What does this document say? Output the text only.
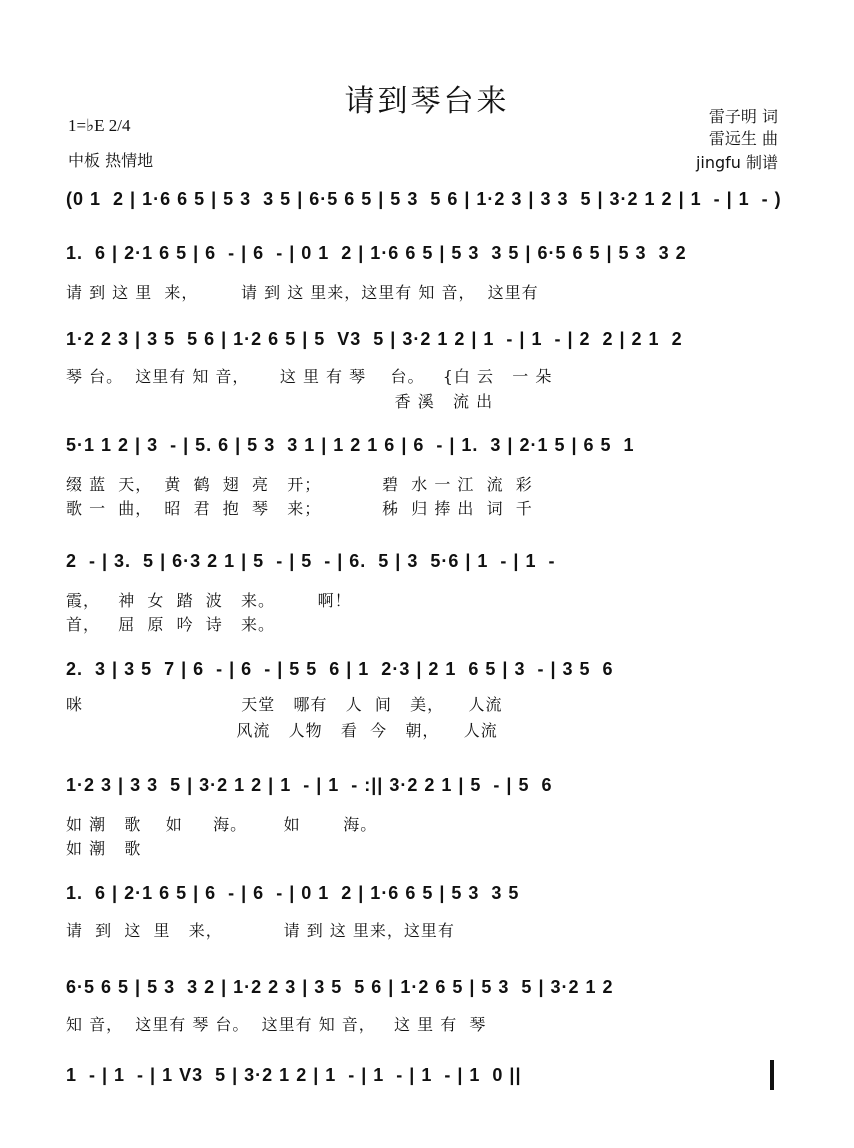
请到琴台来	雷子明 词
雷远生 曲
jingfu 制谱
1=♭E 2/4
中板 热情地
(0 1  2 | 1·6 6 5 | 5 3  3 5 | 6·5 6 5 | 5 3  5 6 | 1·2 3 | 3 3  5 | 3·2 1 2 | 1  - | 1  - )
1.  6 | 2·1 6 5 | 6  - | 6  - | 0 1  2 | 1·6 6 5 | 5 3  3 5 | 6·5 6 5 | 5 3  3 2
请 到 这 里  来，       请 到 这 里来，这里有 知 音，  这里有
1·2 2 3 | 3 5  5 6 | 1·2 6 5 | 5  V3  5 | 3·2 1 2 | 1  - | 1  - | 2  2 | 2 1  2
琴 台。  这里有 知 音，     这 里 有 琴    台。   {白 云   一 朵
香 溪   流 出
5·1 1 2 | 3  - | 5. 6 | 5 3  3 1 | 1 2 1 6 | 6  - | 1.  3 | 2·1 5 | 6 5  1
缀 蓝  天，  黄  鹤  翅  亮   开；          碧  水 一 江  流  彩
歌 一  曲，  昭  君  抱  琴   来；          秭  归 捧 出  词  千
2  - | 3.  5 | 6·3 2 1 | 5  - | 5  - | 6.  5 | 3  5·6 | 1  - | 1  -
霞，   神  女  踏  波   来。       啊！
首，   屈  原  吟  诗   来。
2.  3 | 3 5  7 | 6  - | 6  - | 5 5  6 | 1  2·3 | 2 1  6 5 | 3  - | 3 5  6
咪                          天堂   哪有   人  间   美，    人流
风流   人物   看  今   朝，    人流
1·2 3 | 3 3  5 | 3·2 1 2 | 1  - | 1  - :|| 3·2 2 1 | 5  - | 5  6
如 潮   歌    如     海。      如       海。
如 潮   歌
1.  6 | 2·1 6 5 | 6  - | 6  - | 0 1  2 | 1·6 6 5 | 5 3  3 5
请  到  这  里   来，          请 到 这 里来，这里有
6·5 6 5 | 5 3  3 2 | 1·2 2 3 | 3 5  5 6 | 1·2 6 5 | 5 3  5 | 3·2 1 2
知 音，  这里有 琴 台。  这里有 知 音，   这 里 有  琴
1  - | 1  - | 1 V3  5 | 3·2 1 2 | 1  - | 1  - | 1  - | 1  0 ||
